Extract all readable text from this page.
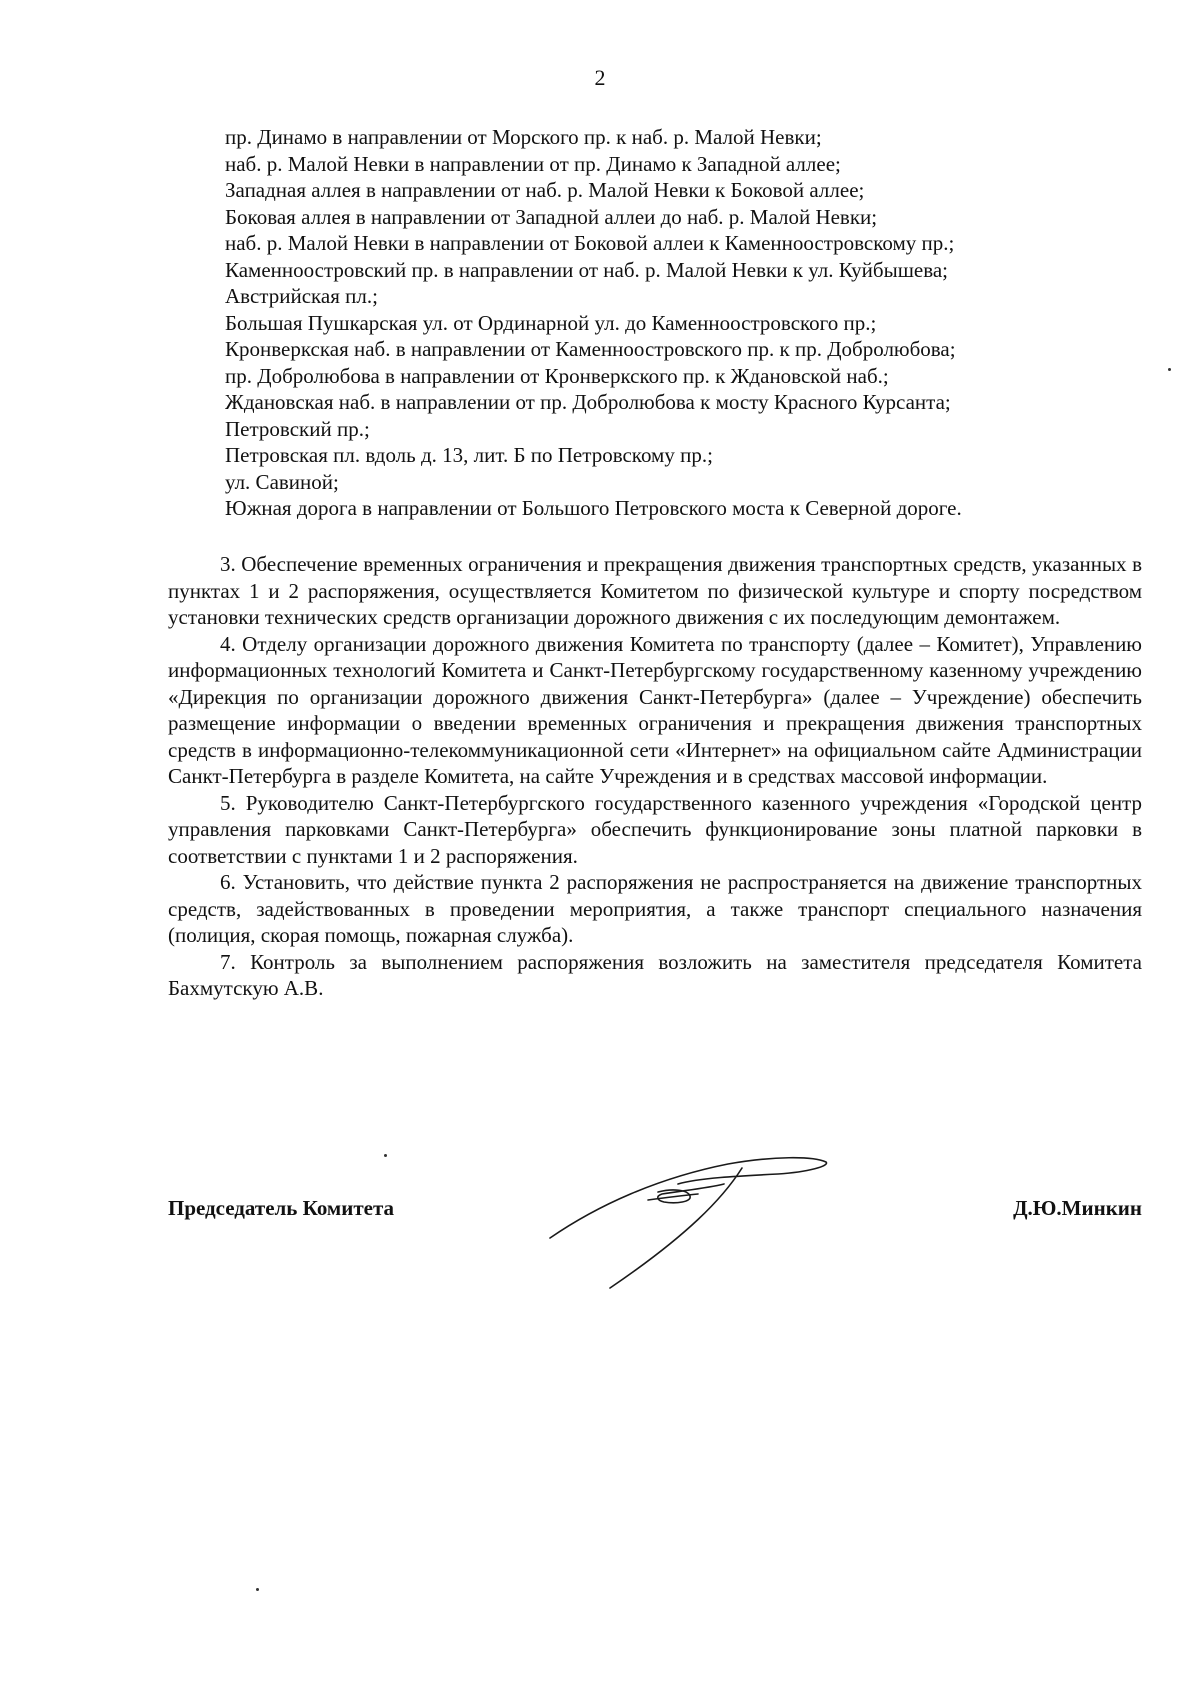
2
пр. Динамо в направлении от Морского пр. к наб. р. Малой Невки;
наб. р. Малой Невки в направлении от пр. Динамо к Западной аллее;
Западная аллея в направлении от наб. р. Малой Невки к Боковой аллее;
Боковая аллея в направлении от Западной аллеи до наб. р. Малой Невки;
наб. р. Малой Невки в направлении от Боковой аллеи к Каменноостровскому пр.;
Каменноостровский пр. в направлении от наб. р. Малой Невки к ул. Куйбышева;
Австрийская пл.;
Большая Пушкарская ул. от Ординарной ул. до Каменноостровского пр.;
Кронверкская наб. в направлении от Каменноостровского пр. к пр. Добролюбова;
пр. Добролюбова в направлении от Кронверкского пр. к Ждановской наб.;
Ждановская наб. в направлении от пр. Добролюбова к мосту Красного Курсанта;
Петровский пр.;
Петровская пл. вдоль д. 13, лит. Б по Петровскому пр.;
ул. Савиной;
Южная дорога в направлении от Большого Петровского моста к Северной дороге.

3. Обеспечение временных ограничения и прекращения движения транспортных средств, указанных в пунктах 1 и 2 распоряжения, осуществляется Комитетом по физической культуре и спорту посредством установки технических средств организации дорожного движения с их последующим демонтажем.

4. Отделу организации дорожного движения Комитета по транспорту (далее – Комитет), Управлению информационных технологий Комитета и Санкт-Петербургскому государственному казенному учреждению «Дирекция по организации дорожного движения Санкт-Петербурга» (далее – Учреждение) обеспечить размещение информации о введении временных ограничения и прекращения движения транспортных средств в информационно-телекоммуникационной сети «Интернет» на официальном сайте Администрации Санкт-Петербурга в разделе Комитета, на сайте Учреждения и в средствах массовой информации.

5. Руководителю Санкт-Петербургского государственного казенного учреждения «Городской центр управления парковками Санкт-Петербурга» обеспечить функционирование зоны платной парковки в соответствии с пунктами 1 и 2 распоряжения.

6. Установить, что действие пункта 2 распоряжения не распространяется на движение транспортных средств, задействованных в проведении мероприятия, а также транспорт специального назначения (полиция, скорая помощь, пожарная служба).

7. Контроль за выполнением распоряжения возложить на заместителя председателя Комитета Бахмутскую А.В.

Председатель Комитета	Д.Ю.Минкин
